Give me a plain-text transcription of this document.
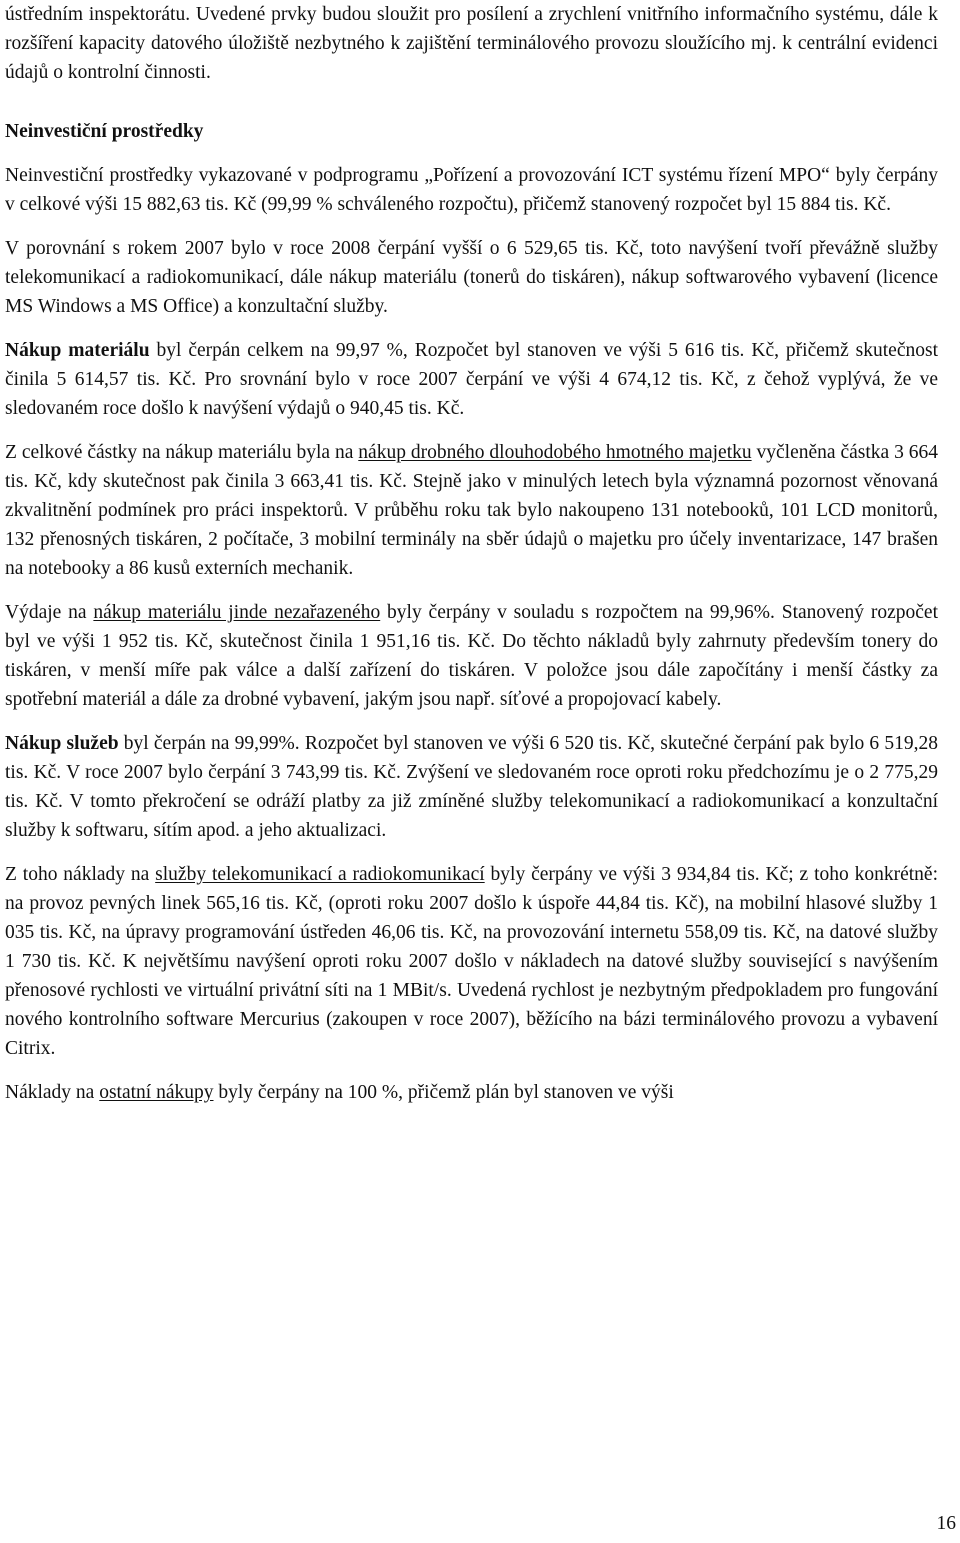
ústředním inspektorátu. Uvedené prvky budou sloužit pro posílení a zrychlení vnitřního informačního systému, dále k rozšíření kapacity datového úložiště nezbytného k zajištění terminálového provozu sloužícího mj. k centrální evidenci údajů o kontrolní činnosti.

Neinvestiční prostředky

Neinvestiční prostředky vykazované v podprogramu „Pořízení a provozování ICT systému řízení MPO“ byly čerpány v celkové výši 15 882,63 tis. Kč (99,99 % schváleného rozpočtu), přičemž stanovený rozpočet byl 15 884 tis. Kč.

V porovnání s rokem 2007 bylo v roce 2008 čerpání vyšší o 6 529,65 tis. Kč, toto navýšení tvoří převážně služby telekomunikací a radiokomunikací, dále nákup materiálu (tonerů do tiskáren), nákup softwarového vybavení (licence MS Windows a MS Office) a konzultační služby.

Nákup materiálu byl čerpán celkem na 99,97 %, Rozpočet byl stanoven ve výši 5 616 tis. Kč, přičemž skutečnost činila 5 614,57 tis. Kč. Pro srovnání bylo v roce 2007 čerpání ve výši 4 674,12 tis. Kč, z čehož vyplývá, že ve sledovaném roce došlo k navýšení výdajů o 940,45 tis. Kč.

Z celkové částky na nákup materiálu byla na nákup drobného dlouhodobého hmotného majetku vyčleněna částka 3 664 tis. Kč, kdy skutečnost pak činila 3 663,41 tis. Kč. Stejně jako v minulých letech byla významná pozornost věnovaná zkvalitnění podmínek pro práci inspektorů. V průběhu roku tak bylo nakoupeno 131 notebooků, 101 LCD monitorů, 132 přenosných tiskáren, 2 počítače, 3 mobilní terminály na sběr údajů o majetku pro účely inventarizace, 147 brašen na notebooky a 86 kusů externích mechanik.

Výdaje na nákup materiálu jinde nezařazeného byly čerpány v souladu s rozpočtem na 99,96%. Stanovený rozpočet byl ve výši 1 952 tis. Kč, skutečnost činila 1 951,16 tis. Kč. Do těchto nákladů byly zahrnuty především tonery do tiskáren, v menší míře pak válce a další zařízení do tiskáren. V položce jsou dále započítány i menší částky za spotřební materiál a dále za drobné vybavení, jakým jsou např. síťové a propojovací kabely.

Nákup služeb byl čerpán na 99,99%. Rozpočet byl stanoven ve výši 6 520 tis. Kč, skutečné čerpání pak bylo 6 519,28 tis. Kč. V roce 2007 bylo čerpání 3 743,99 tis. Kč. Zvýšení ve sledovaném roce oproti roku předchozímu je o 2 775,29 tis. Kč. V tomto překročení se odráží platby za již zmíněné služby telekomunikací a radiokomunikací a konzultační služby k softwaru, sítím apod. a jeho aktualizaci.

Z toho náklady na služby telekomunikací a radiokomunikací byly čerpány ve výši 3 934,84 tis. Kč; z toho konkrétně: na provoz pevných linek 565,16 tis. Kč, (oproti roku 2007 došlo k úspoře 44,84 tis. Kč), na mobilní hlasové služby 1 035 tis. Kč, na úpravy programování ústředen 46,06 tis. Kč, na provozování internetu 558,09 tis. Kč, na datové služby 1 730 tis. Kč. K největšímu navýšení oproti roku 2007 došlo v nákladech na datové služby související s navýšením přenosové rychlosti ve virtuální privátní síti na 1 MBit/s. Uvedená rychlost je nezbytným předpokladem pro fungování nového kontrolního software Mercurius (zakoupen v roce 2007), běžícího na bázi terminálového provozu a vybavení Citrix.

Náklady na ostatní nákupy byly čerpány na 100 %, přičemž plán byl stanoven ve výši

16
